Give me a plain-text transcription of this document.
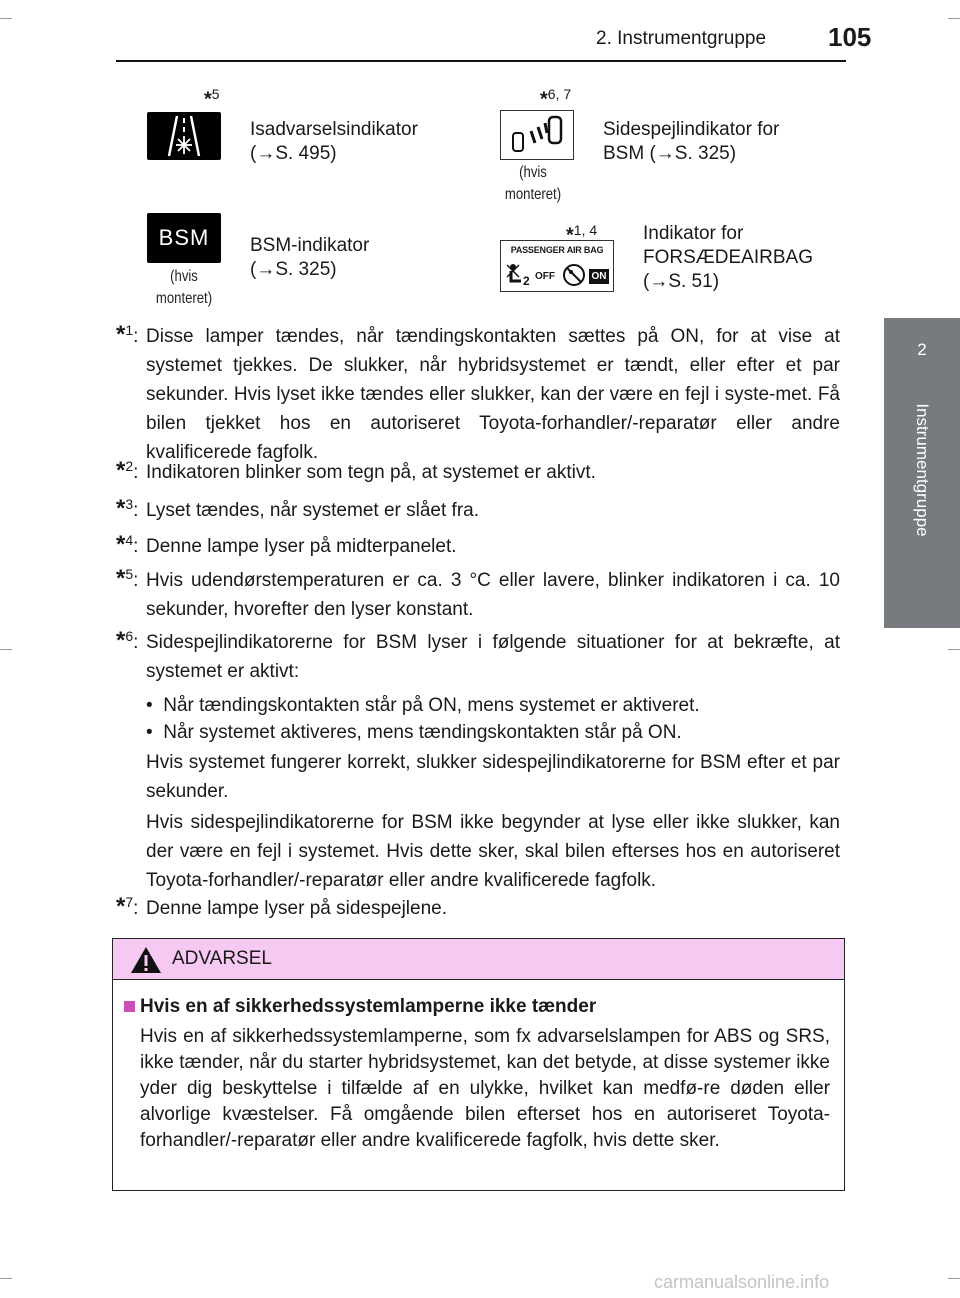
2. Instrumentgruppe 105
2
Instrumentgruppe
*5
Isadvarselsindikator
(→S. 495)
*6, 7
(hvis
monteret)
Sidespejlindikator for
BSM (→S. 325)
BSM
(hvis
monteret)
BSM-indikator
(→S. 325)
*1, 4
PASSENGER AIR BAG
2 OFF	ON
Indikator for
FORSÆDEAIRBAG
(→S. 51)
*$^1$: Disse lamper tændes, når tændingskontakten sættes på ON, for at vise at systemet tjekkes. De slukker, når hybridsystemet er tændt, eller efter et par sekunder. Hvis lyset ikke tændes eller slukker, kan der være en fejl i syste-met. Få bilen tjekket hos en autoriseret Toyota-forhandler/-reparatør eller andre kvalificerede fagfolk.
*$^2$: Indikatoren blinker som tegn på, at systemet er aktivt.
*$^3$: Lyset tændes, når systemet er slået fra.
*$^4$: Denne lampe lyser på midterpanelet.
*$^5$: Hvis udendørstemperaturen er ca. 3 °C eller lavere, blinker indikatoren i ca. 10 sekunder, hvorefter den lyser konstant.
*$^6$: Sidespejlindikatorerne for BSM lyser i følgende situationer for at bekræfte, at systemet er aktivt:
•  Når tændingskontakten står på ON, mens systemet er aktiveret.
•  Når systemet aktiveres, mens tændingskontakten står på ON.
Hvis systemet fungerer korrekt, slukker sidespejlindikatorerne for BSM efter et par sekunder.
Hvis sidespejlindikatorerne for BSM ikke begynder at lyse eller ikke slukker, kan der være en fejl i systemet. Hvis dette sker, skal bilen efterses hos en autoriseret Toyota-forhandler/-reparatør eller andre kvalificerede fagfolk.
*$^7$: Denne lampe lyser på sidespejlene.
ADVARSEL
Hvis en af sikkerhedssystemlamperne ikke tænder
Hvis en af sikkerhedssystemlamperne, som fx advarselslampen for ABS og SRS, ikke tænder, når du starter hybridsystemet, kan det betyde, at disse systemer ikke yder dig beskyttelse i tilfælde af en ulykke, hvilket kan medfø-re døden eller alvorlige kvæstelser. Få omgående bilen efterset hos en autoriseret Toyota-forhandler/-reparatør eller andre kvalificerede fagfolk, hvis dette sker.
carmanualsonline.info
